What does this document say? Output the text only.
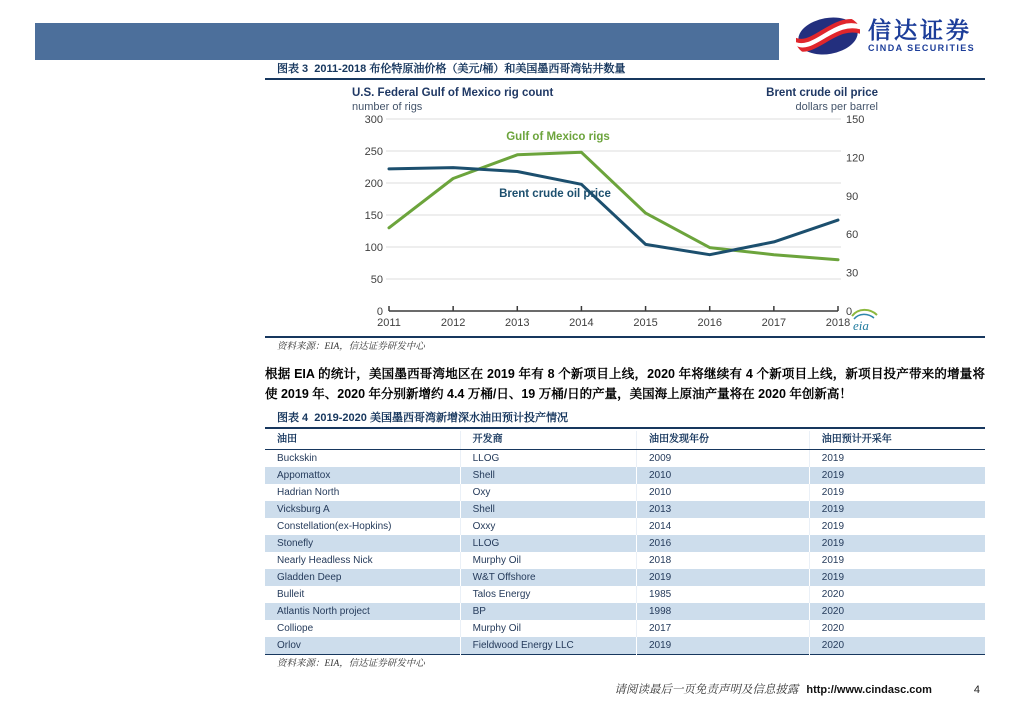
信达证券
CINDA SECURITIES
图表 3  2011-2018 布伦特原油价格（美元/桶）和美国墨西哥湾钻井数量
U.S. Federal Gulf of Mexico rig count
number of rigs
Brent crude oil price
dollars per barrel
0
50
100
150
200
250
300
0
30
60
90
120
150
2011	2012	2013	2014	2015	2016	2017	2018
Gulf of Mexico rigs
Brent crude oil price
eia
资料来源：EIA，信达证券研发中心

根据 EIA 的统计，美国墨西哥湾地区在 2019 年有 8 个新项目上线，2020 年将继续有 4 个新项目上线，新项目投产带来的增量将使 2019 年、2020 年分别新增约 4.4 万桶/日、19 万桶/日的产量，美国海上原油产量将在 2020 年创新高！

图表 4  2019-2020 美国墨西哥湾新增深水油田预计投产情况
油田	开发商	油田发现年份	油田预计开采年
Buckskin	LLOG	2009	2019
Appomattox	Shell	2010	2019
Hadrian North	Oxy	2010	2019
Vicksburg A	Shell	2013	2019
Constellation(ex-Hopkins)	Oxxy	2014	2019
Stonefly	LLOG	2016	2019
Nearly Headless Nick	Murphy Oil	2018	2019
Gladden Deep	W&T Offshore	2019	2019
Bulleit	Talos Energy	1985	2020
Atlantis North project	BP	1998	2020
Colliope	Murphy Oil	2017	2020
Orlov	Fieldwood Energy LLC	2019	2020
资料来源：EIA，信达证券研发中心
请阅读最后一页免责声明及信息披露 http://www.cindasc.com	4
